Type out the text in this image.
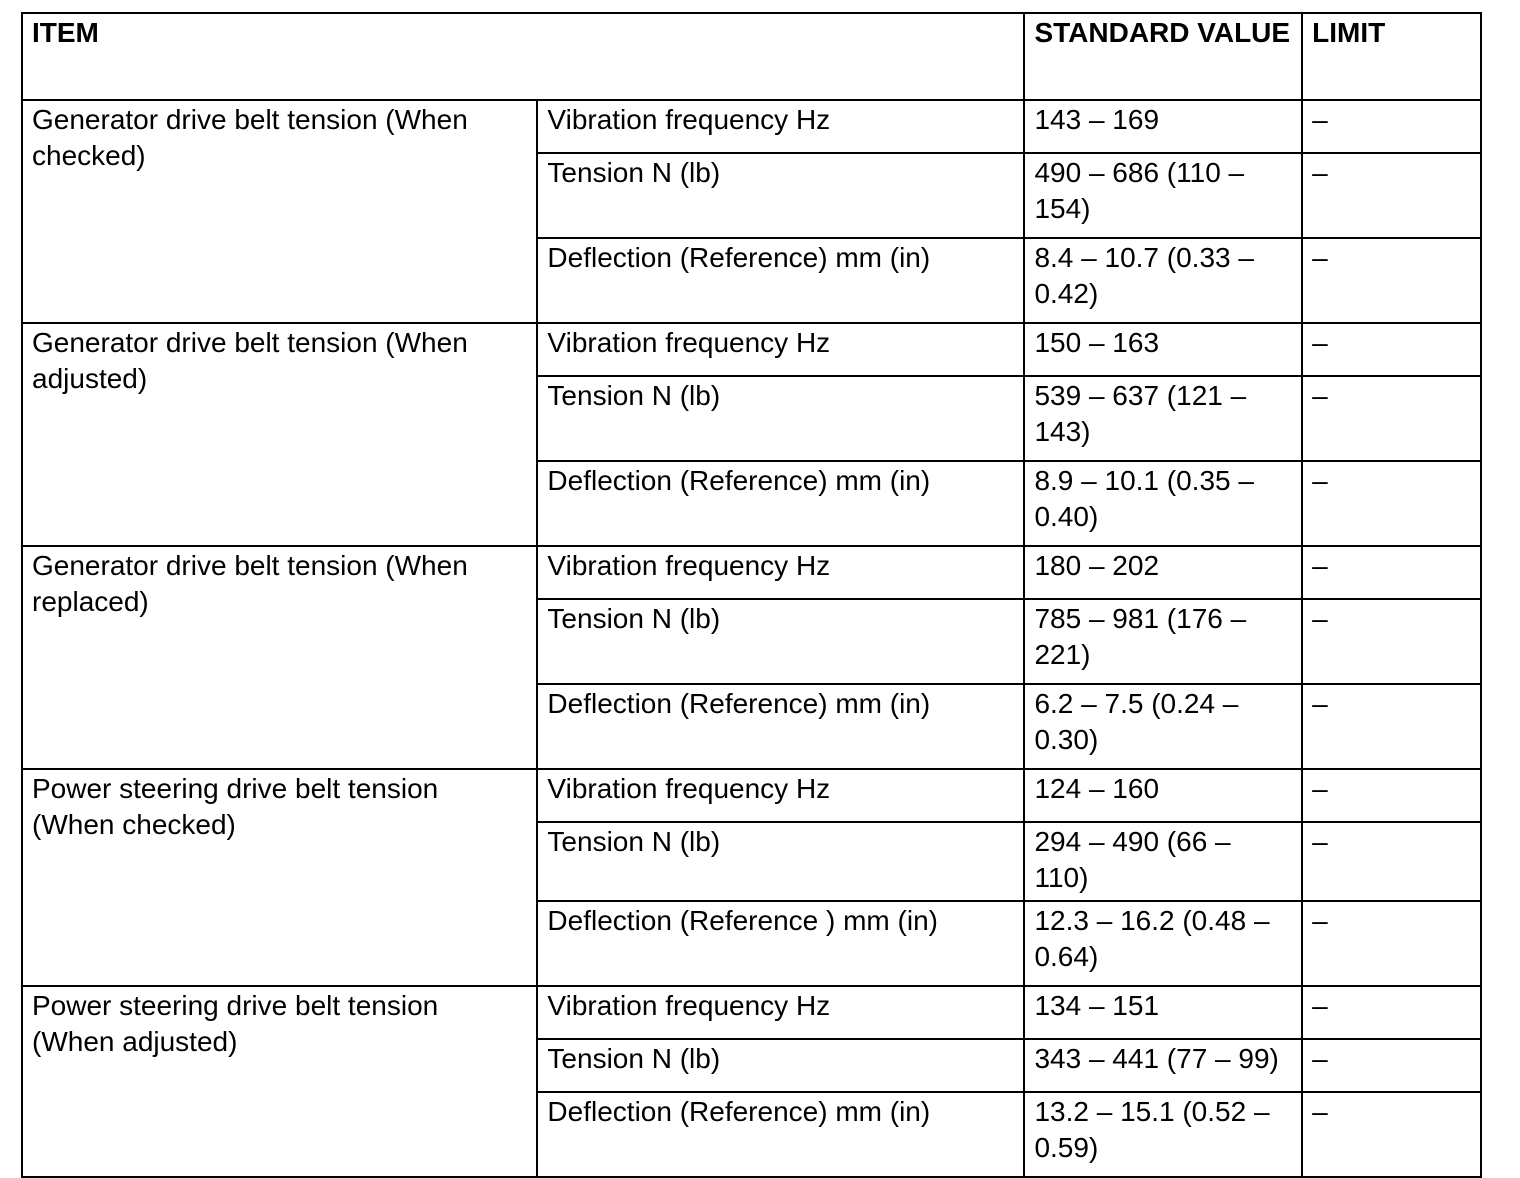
ITEM		STANDARD VALUE	LIMIT
Generator drive belt tension (When checked)	Vibration frequency Hz	143 – 169	–
	Tension N (lb)	490 – 686 (110 – 154)	–
	Deflection (Reference) mm (in)	8.4 – 10.7 (0.33 – 0.42)	–
Generator drive belt tension (When adjusted)	Vibration frequency Hz	150 – 163	–
	Tension N (lb)	539 – 637 (121 – 143)	–
	Deflection (Reference) mm (in)	8.9 – 10.1 (0.35 – 0.40)	–
Generator drive belt tension (When replaced)	Vibration frequency Hz	180 – 202	–
	Tension N (lb)	785 – 981 (176 – 221)	–
	Deflection (Reference) mm (in)	6.2 – 7.5 (0.24 – 0.30)	–
Power steering drive belt tension (When checked)	Vibration frequency Hz	124 – 160	–
	Tension N (lb)	294 – 490 (66 – 110)	–
	Deflection (Reference ) mm (in)	12.3 – 16.2 (0.48 – 0.64)	–
Power steering drive belt tension (When adjusted)	Vibration frequency Hz	134 – 151	–
	Tension N (lb)	343 – 441 (77 – 99)	–
	Deflection (Reference) mm (in)	13.2 – 15.1 (0.52 – 0.59)	–
